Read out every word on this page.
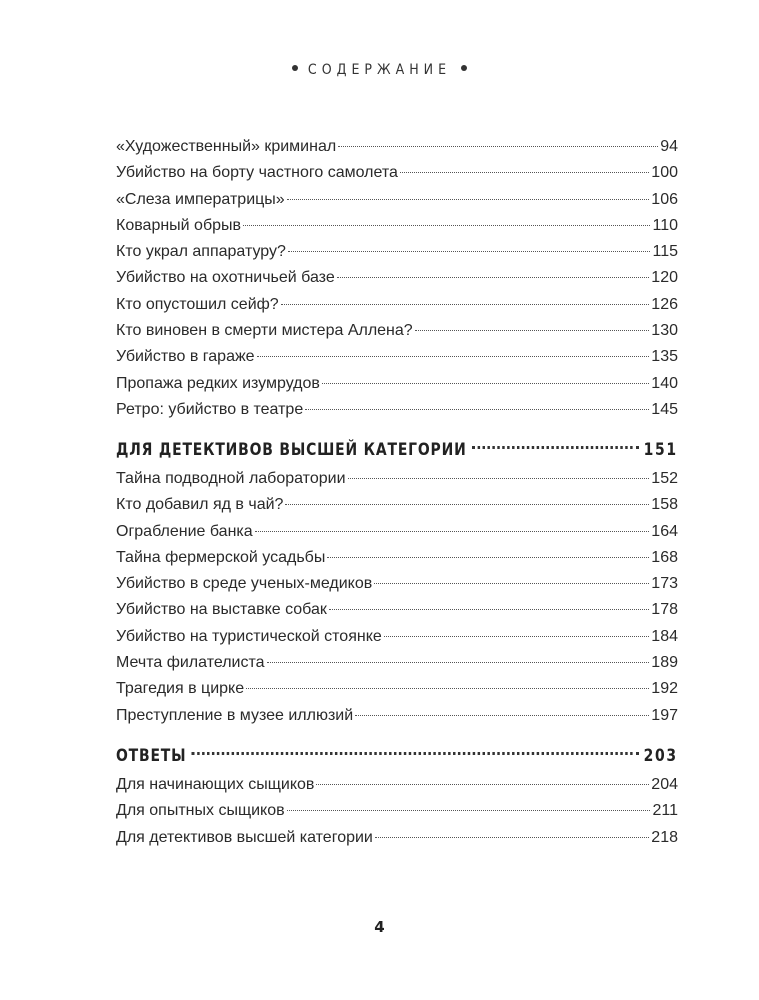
СОДЕРЖАНИЕ
«Художественный» криминал	94
Убийство на борту частного самолета	100
«Слеза императрицы»	106
Коварный обрыв	110
Кто украл аппаратуру?	115
Убийство на охотничьей базе	120
Кто опустошил сейф?	126
Кто виновен в смерти мистера Аллена?	130
Убийство в гараже	135
Пропажа редких изумрудов	140
Ретро: убийство в театре	145
ДЛЯ ДЕТЕКТИВОВ ВЫСШЕЙ КАТЕГОРИИ	151
Тайна подводной лаборатории	152
Кто добавил яд в чай?	158
Ограбление банка	164
Тайна фермерской усадьбы	168
Убийство в среде ученых-медиков	173
Убийство на выставке собак	178
Убийство на туристической стоянке	184
Мечта филателиста	189
Трагедия в цирке	192
Преступление в музее иллюзий	197
ОТВЕТЫ	203
Для начинающих сыщиков	204
Для опытных сыщиков	211
Для детективов высшей категории	218
4
